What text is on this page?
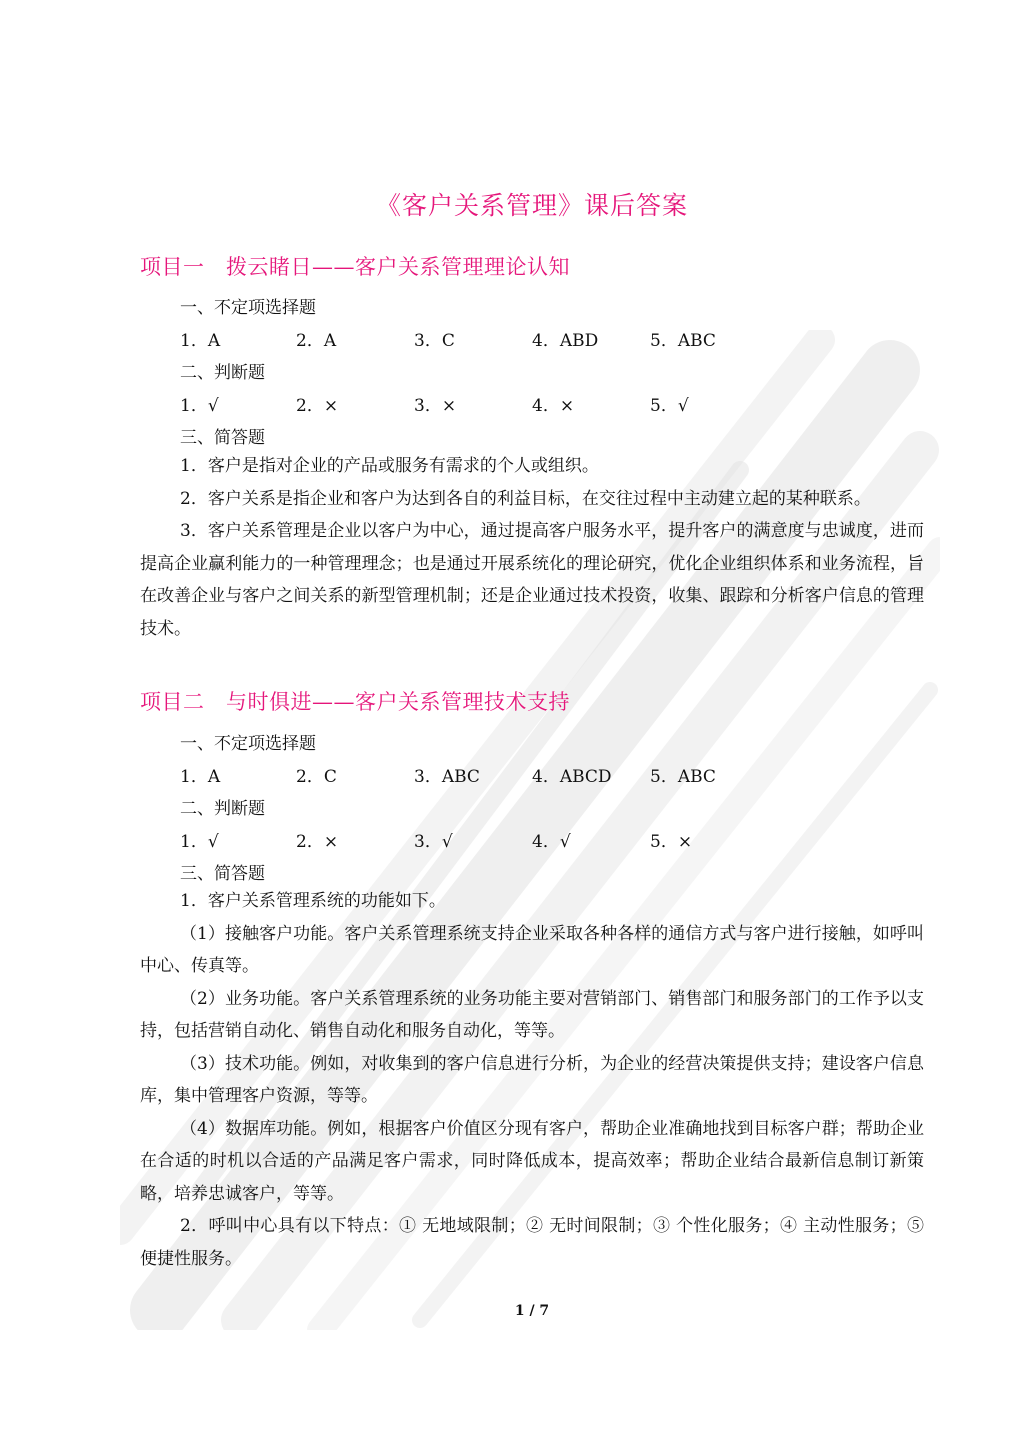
《客户关系管理》课后答案
项目一　拨云睹日——客户关系管理理论认知
一、不定项选择题
1．A	2．A	3．C	4．ABD	5．ABC
二、判断题
1．√	2．×	3．×	4．×	5．√
三、简答题

1．客户是指对企业的产品或服务有需求的个人或组织。

2．客户关系是指企业和客户为达到各自的利益目标，在交往过程中主动建立起的某种联系。

3．客户关系管理是企业以客户为中心，通过提高客户服务水平，提升客户的满意度与忠诚度，进而提高企业赢利能力的一种管理理念；也是通过开展系统化的理论研究，优化企业组织体系和业务流程，旨在改善企业与客户之间关系的新型管理机制；还是企业通过技术投资，收集、跟踪和分析客户信息的管理技术。

项目二　与时俱进——客户关系管理技术支持
一、不定项选择题
1．A	2．C	3．ABC	4．ABCD 5．ABC
二、判断题
1．√	2．×	3．√	4．√	5．×
三、简答题

1．客户关系管理系统的功能如下。

（1）接触客户功能。客户关系管理系统支持企业采取各种各样的通信方式与客户进行接触，如呼叫中心、传真等。

（2）业务功能。客户关系管理系统的业务功能主要对营销部门、销售部门和服务部门的工作予以支持，包括营销自动化、销售自动化和服务自动化，等等。

（3）技术功能。例如，对收集到的客户信息进行分析，为企业的经营决策提供支持；建设客户信息库，集中管理客户资源，等等。

（4）数据库功能。例如，根据客户价值区分现有客户，帮助企业准确地找到目标客户群；帮助企业在合适的时机以合适的产品满足客户需求，同时降低成本，提高效率；帮助企业结合最新信息制订新策略，培养忠诚客户，等等。

2．呼叫中心具有以下特点：① 无地域限制；② 无时间限制；③ 个性化服务；④ 主动性服务；⑤ 便捷性服务。

1 / 7
